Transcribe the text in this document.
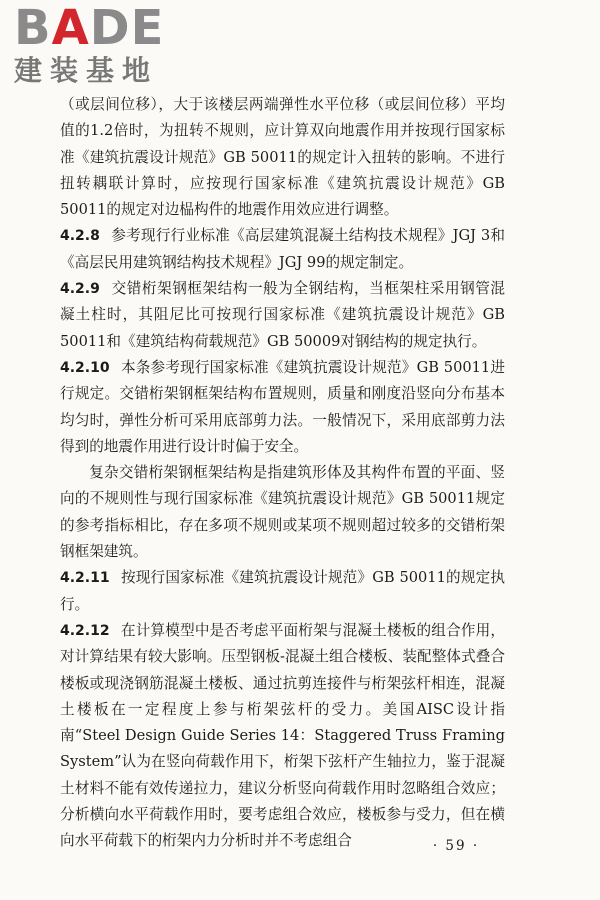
BADE
建装基地

（或层间位移），大于该楼层两端弹性水平位移（或层间位移）平均值的1.2倍时，为扭转不规则，应计算双向地震作用并按现行国家标准《建筑抗震设计规范》GB 50011的规定计入扭转的影响。不进行扭转耦联计算时，应按现行国家标准《建筑抗震设计规范》GB 50011的规定对边榀构件的地震作用效应进行调整。

4.2.8 参考现行行业标准《高层建筑混凝土结构技术规程》JGJ 3和《高层民用建筑钢结构技术规程》JGJ 99的规定制定。

4.2.9 交错桁架钢框架结构一般为全钢结构，当框架柱采用钢管混凝土柱时，其阻尼比可按现行国家标准《建筑抗震设计规范》GB 50011和《建筑结构荷载规范》GB 50009对钢结构的规定执行。

4.2.10 本条参考现行国家标准《建筑抗震设计规范》GB 50011进行规定。交错桁架钢框架结构布置规则，质量和刚度沿竖向分布基本均匀时，弹性分析可采用底部剪力法。一般情况下，采用底部剪力法得到的地震作用进行设计时偏于安全。

复杂交错桁架钢框架结构是指建筑形体及其构件布置的平面、竖向的不规则性与现行国家标准《建筑抗震设计规范》GB 50011规定的参考指标相比，存在多项不规则或某项不规则超过较多的交错桁架钢框架建筑。

4.2.11 按现行国家标准《建筑抗震设计规范》GB 50011的规定执行。

4.2.12 在计算模型中是否考虑平面桁架与混凝土楼板的组合作用，对计算结果有较大影响。压型钢板-混凝土组合楼板、装配整体式叠合楼板或现浇钢筋混凝土楼板、通过抗剪连接件与桁架弦杆相连，混凝土楼板在一定程度上参与桁架弦杆的受力。美国AISC设计指南“Steel Design Guide Series 14：Staggered Truss Framing System”认为在竖向荷载作用下，桁架下弦杆产生轴拉力，鉴于混凝土材料不能有效传递拉力，建议分析竖向荷载作用时忽略组合效应；分析横向水平荷载作用时，要考虑组合效应，楼板参与受力，但在横向水平荷载下的桁架内力分析时并不考虑组合	· 59 ·
